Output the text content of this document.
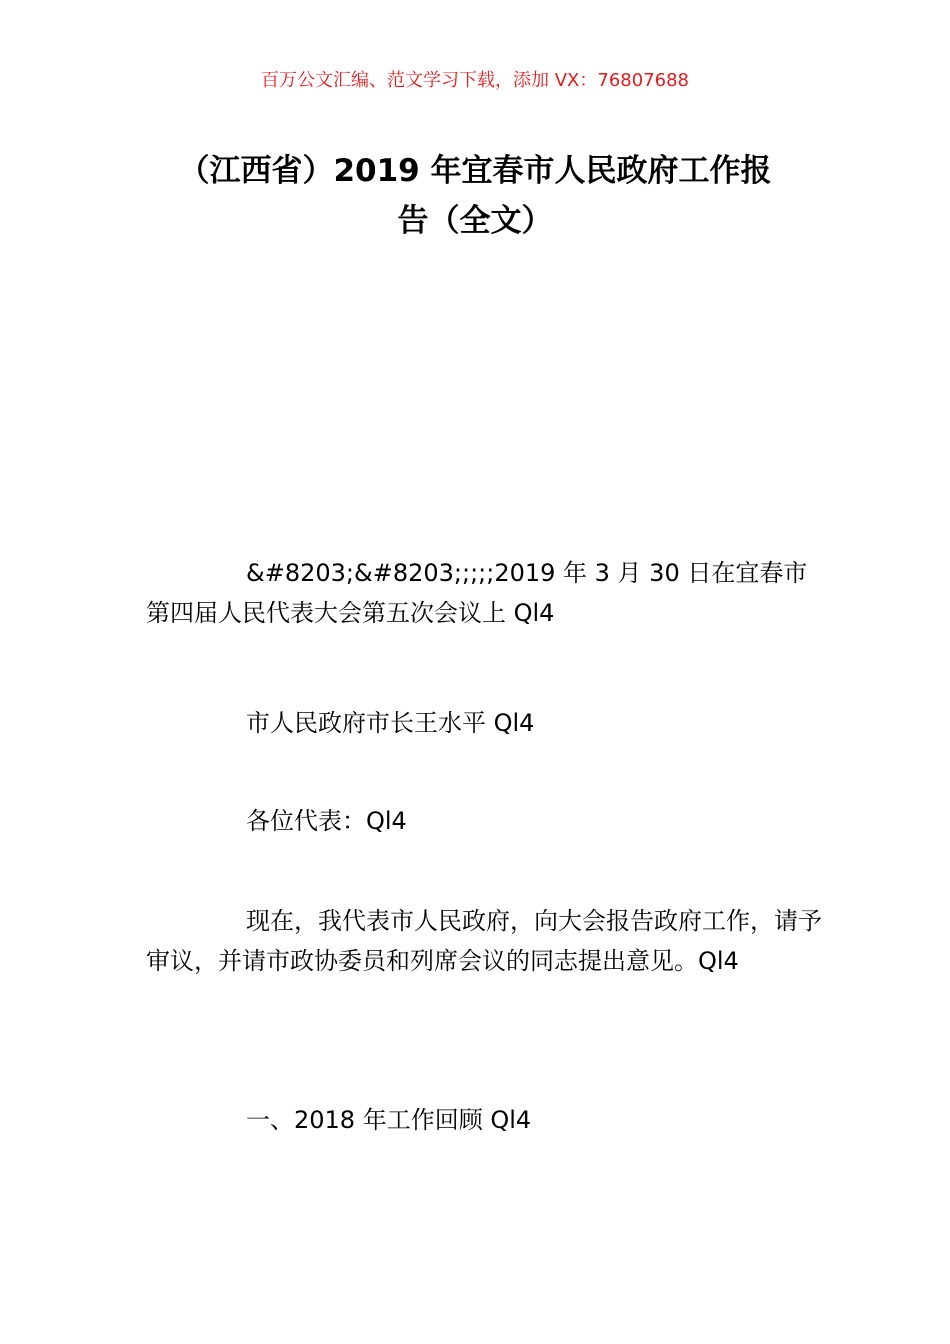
百万公文汇编、范文学习下载，添加 VX：76807688
（江西省）2019 年宜春市人民政府工作报
告（全文）

&#8203;&#8203;;;;;2019 年 3 月 30 日在宜春市第四届人民代表大会第五次会议上 Ql4

市人民政府市长王水平 Ql4

各位代表：Ql4

现在，我代表市人民政府，向大会报告政府工作，请予审议，并请市政协委员和列席会议的同志提出意见。Ql4

一、2018 年工作回顾 Ql4
